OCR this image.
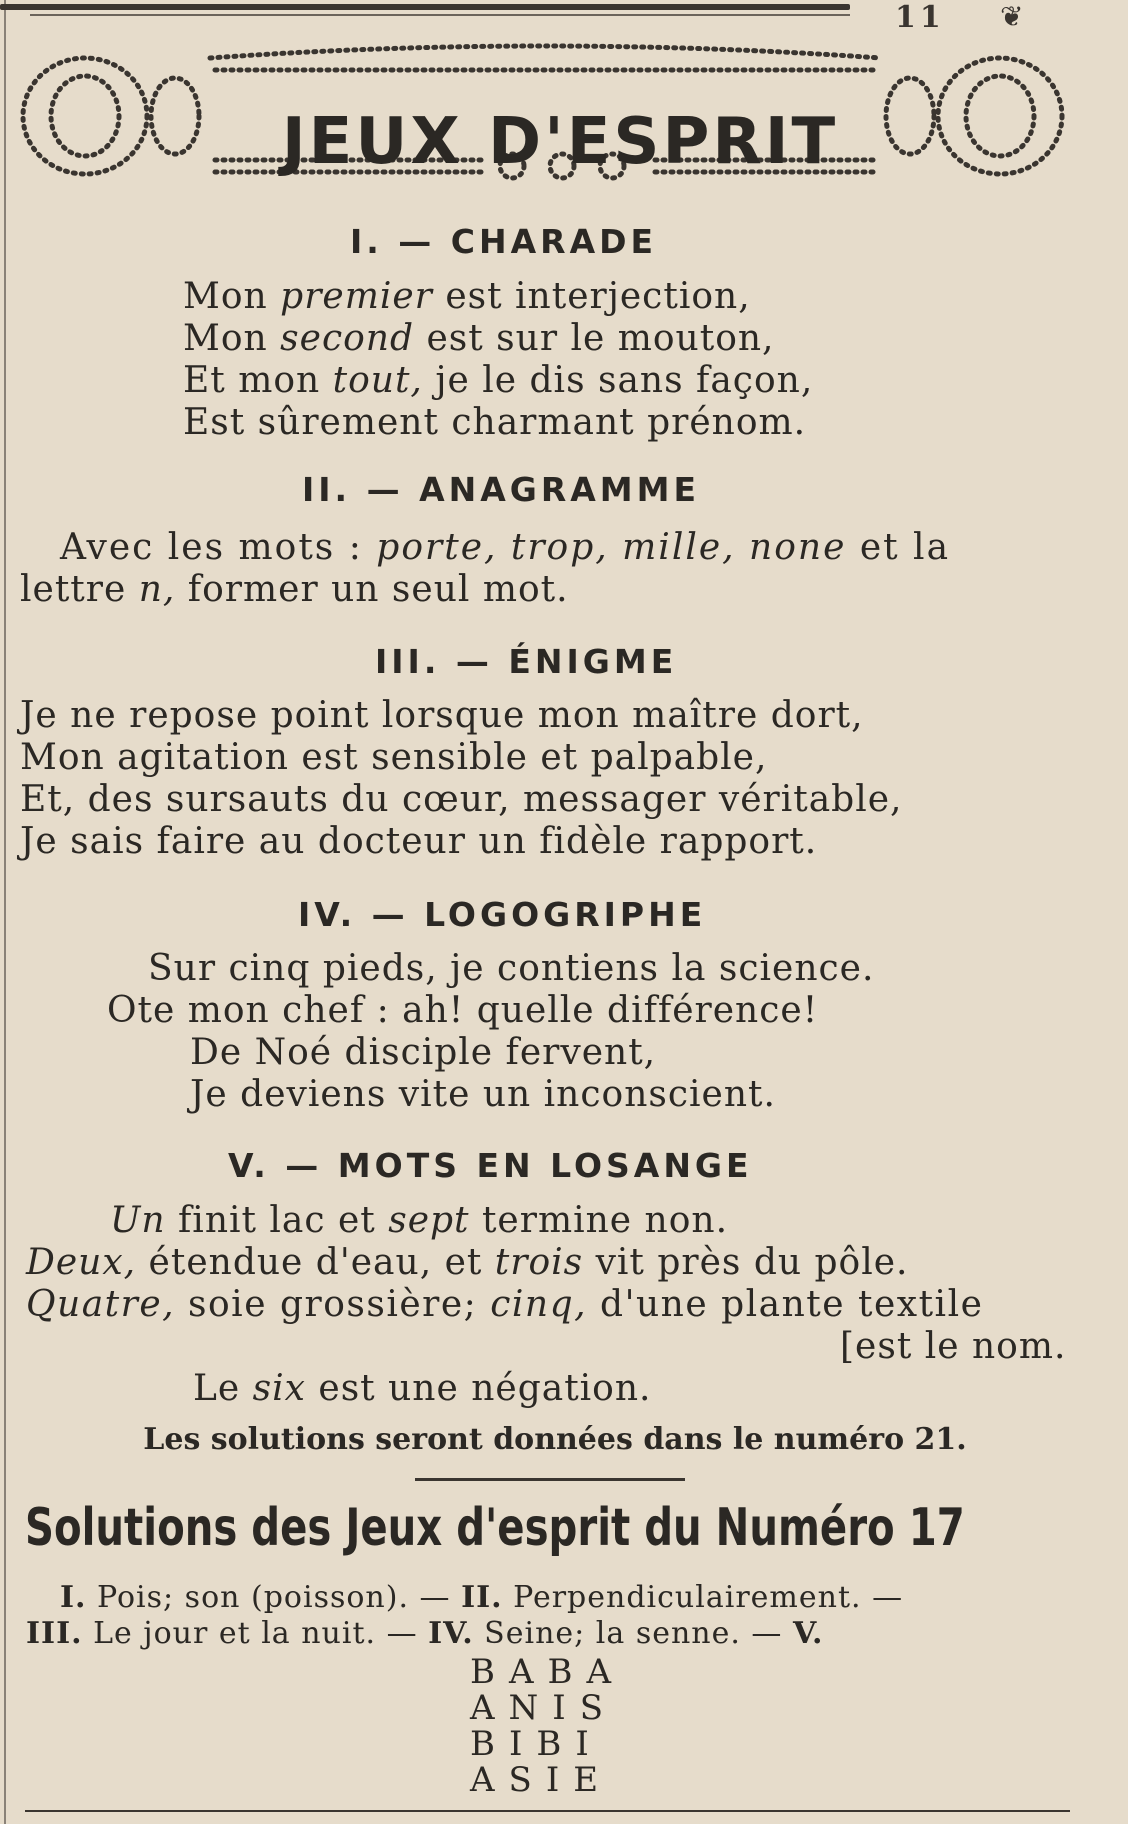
11 ❦
JEUX D'ESPRIT
I. — CHARADE
Mon premier est interjection,
Mon second est sur le mouton,
Et mon tout, je le dis sans façon,
Est sûrement charmant prénom.
II. — ANAGRAMME
Avec les mots : porte, trop, mille, none et la
lettre n, former un seul mot.
III. — ÉNIGME
Je ne repose point lorsque mon maître dort,
Mon agitation est sensible et palpable,
Et, des sursauts du cœur, messager véritable,
Je sais faire au docteur un fidèle rapport.
IV. — LOGOGRIPHE
Sur cinq pieds, je contiens la science.
Ote mon chef : ah! quelle différence!
De Noé disciple fervent,
Je deviens vite un inconscient.
V. — MOTS EN LOSANGE
Un finit lac et sept termine non.
Deux, étendue d'eau, et trois vit près du pôle.
Quatre, soie grossière; cinq, d'une plante textile
[est le nom.
Le six est une négation.
Les solutions seront données dans le numéro 21.
Solutions des Jeux d'esprit du Numéro 17
I. Pois; son (poisson). — II. Perpendiculairement. —
III. Le jour et la nuit. — IV. Seine; la senne. — V.
BABA
ANIS
BIBI
ASIE
